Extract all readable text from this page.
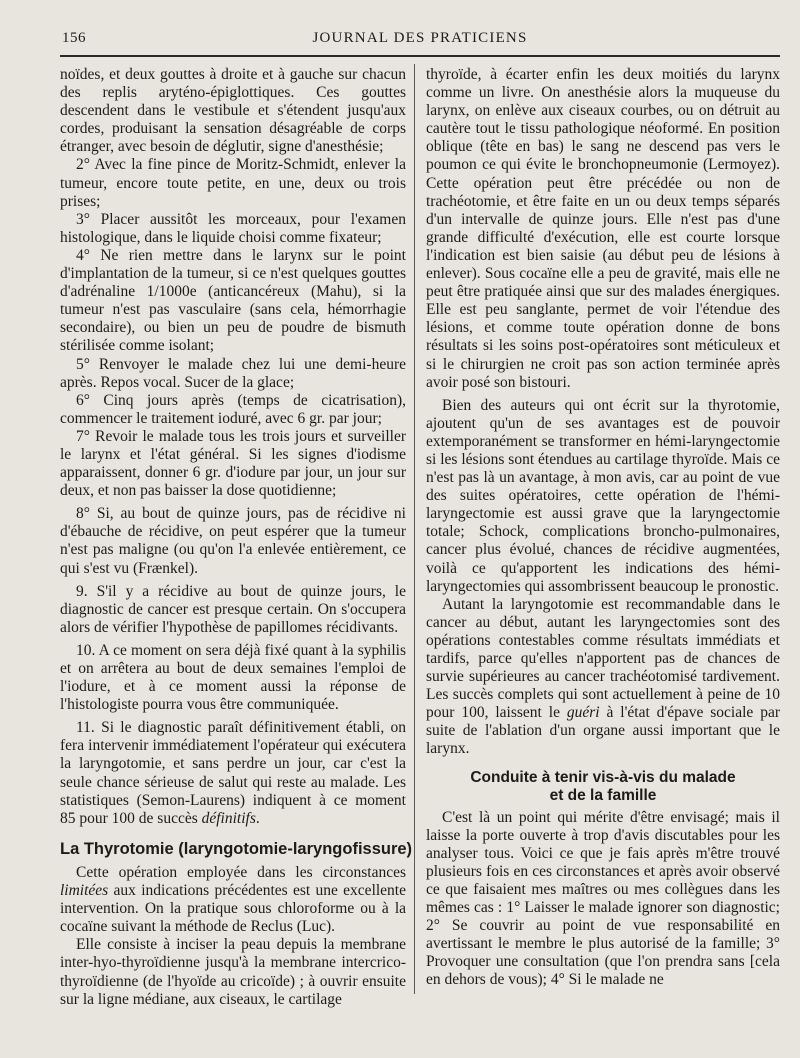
156	JOURNAL DES PRATICIENS

noïdes, et deux gouttes à droite et à gauche sur chacun des replis aryténo-épiglottiques. Ces gouttes descendent dans le vestibule et s'étendent jusqu'aux cordes, produisant la sensation désagréable de corps étranger, avec besoin de déglutir, signe d'anesthésie;

2° Avec la fine pince de Moritz-Schmidt, enlever la tumeur, encore toute petite, en une, deux ou trois prises;

3° Placer aussitôt les morceaux, pour l'examen histologique, dans le liquide choisi comme fixateur;

4° Ne rien mettre dans le larynx sur le point d'implantation de la tumeur, si ce n'est quelques gouttes d'adrénaline 1/1000e (anticancéreux (Mahu), si la tumeur n'est pas vasculaire (sans cela, hémorrhagie secondaire), ou bien un peu de poudre de bismuth stérilisée comme isolant;

5° Renvoyer le malade chez lui une demi-heure après. Repos vocal. Sucer de la glace;

6° Cinq jours après (temps de cicatrisation), commencer le traitement ioduré, avec 6 gr. par jour;

7° Revoir le malade tous les trois jours et surveiller le larynx et l'état général. Si les signes d'iodisme apparaissent, donner 6 gr. d'iodure par jour, un jour sur deux, et non pas baisser la dose quotidienne;

8° Si, au bout de quinze jours, pas de récidive ni d'ébauche de récidive, on peut espérer que la tumeur n'est pas maligne (ou qu'on l'a enlevée entièrement, ce qui s'est vu (Frænkel).

9. S'il y a récidive au bout de quinze jours, le diagnostic de cancer est presque certain. On s'occupera alors de vérifier l'hypothèse de papillomes récidivants.

10. A ce moment on sera déjà fixé quant à la syphilis et on arrêtera au bout de deux semaines l'emploi de l'iodure, et à ce moment aussi la réponse de l'histologiste pourra vous être communiquée.

11. Si le diagnostic paraît définitivement établi, on fera intervenir immédiatement l'opérateur qui exécutera la laryngotomie, et sans perdre un jour, car c'est la seule chance sérieuse de salut qui reste au malade. Les statistiques (Semon-Laurens) indiquent à ce moment 85 pour 100 de succès définitifs.

La Thyrotomie (laryngotomie-laryngofissure)

Cette opération employée dans les circonstances limitées aux indications précédentes est une excellente intervention. On la pratique sous chloroforme ou à la cocaïne suivant la méthode de Reclus (Luc).

Elle consiste à inciser la peau depuis la membrane inter-hyo-thyroïdienne jusqu'à la membrane intercrico-thyroïdienne (de l'hyoïde au cricoïde) ; à ouvrir ensuite sur la ligne médiane, aux ciseaux, le cartilage

thyroïde, à écarter enfin les deux moitiés du larynx comme un livre. On anesthésie alors la muqueuse du larynx, on enlève aux ciseaux courbes, ou on détruit au cautère tout le tissu pathologique néoformé. En position oblique (tête en bas) le sang ne descend pas vers le poumon ce qui évite le bronchopneumonie (Lermoyez). Cette opération peut être précédée ou non de trachéotomie, et être faite en un ou deux temps séparés d'un intervalle de quinze jours. Elle n'est pas d'une grande difficulté d'exécution, elle est courte lorsque l'indication est bien saisie (au début peu de lésions à enlever). Sous cocaïne elle a peu de gravité, mais elle ne peut être pratiquée ainsi que sur des malades énergiques. Elle est peu sanglante, permet de voir l'étendue des lésions, et comme toute opération donne de bons résultats si les soins post-opératoires sont méticuleux et si le chirurgien ne croit pas son action terminée après avoir posé son bistouri.

Bien des auteurs qui ont écrit sur la thyrotomie, ajoutent qu'un de ses avantages est de pouvoir extemporanément se transformer en hémi-laryngectomie si les lésions sont étendues au cartilage thyroïde. Mais ce n'est pas là un avantage, à mon avis, car au point de vue des suites opératoires, cette opération de l'hémi-laryngectomie est aussi grave que la laryngectomie totale; Schock, complications broncho-pulmonaires, cancer plus évolué, chances de récidive augmentées, voilà ce qu'apportent les indications des hémi-laryngectomies qui assombrissent beaucoup le pronostic.

Autant la laryngotomie est recommandable dans le cancer au début, autant les laryngectomies sont des opérations contestables comme résultats immédiats et tardifs, parce qu'elles n'apportent pas de chances de survie supérieures au cancer trachéotomisé tardivement. Les succès complets qui sont actuellement à peine de 10 pour 100, laissent le guéri à l'état d'épave sociale par suite de l'ablation d'un organe aussi important que le larynx.

Conduite à tenir vis-à-vis du malade
et de la famille

C'est là un point qui mérite d'être envisagé; mais il laisse la porte ouverte à trop d'avis discutables pour les analyser tous. Voici ce que je fais après m'être trouvé plusieurs fois en ces circonstances et après avoir observé ce que faisaient mes maîtres ou mes collègues dans les mêmes cas : 1° Laisser le malade ignorer son diagnostic; 2° Se couvrir au point de vue responsabilité en avertissant le membre le plus autorisé de la famille; 3° Provoquer une consultation (que l'on prendra sans [cela en dehors de vous); 4° Si le malade ne
